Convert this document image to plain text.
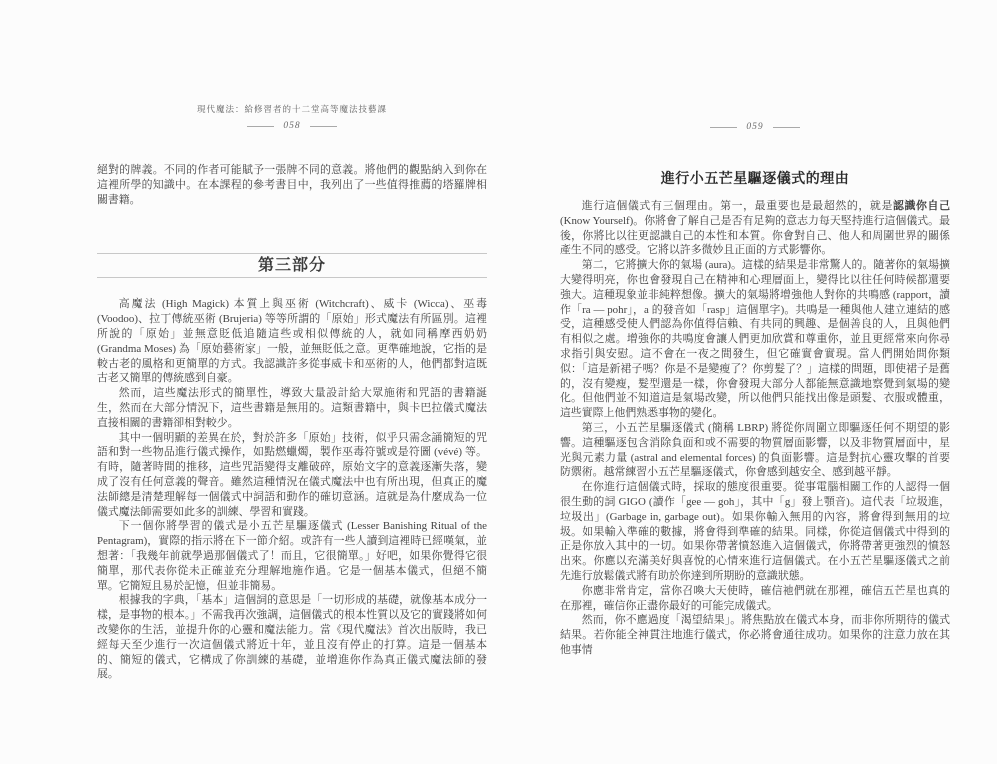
現代魔法：給修習者的十二堂高等魔法技藝課
058

絕對的牌義。不同的作者可能賦予一張牌不同的意義。將他們的觀點納入到你在這裡所學的知識中。在本課程的參考書目中，我列出了一些值得推薦的塔羅牌相關書籍。

第三部分

高魔法 (High Magick) 本質上與巫術 (Witchcraft)、威卡 (Wicca)、巫毒 (Voodoo)、拉丁傳統巫術 (Brujeria) 等等所謂的「原始」形式魔法有所區別。這裡所說的「原始」並無意貶低追隨這些或相似傳統的人，就如同稱摩西奶奶 (Grandma Moses) 為「原始藝術家」一般，並無貶低之意。更準確地說，它指的是較古老的風格和更簡單的方式。我認識許多從事威卡和巫術的人，他們都對這既古老又簡單的傳統感到自豪。

然而，這些魔法形式的簡單性，導致大量設計給大眾施術和咒語的書籍誕生，然而在大部分情況下，這些書籍是無用的。這類書籍中，與卡巴拉儀式魔法直接相關的書籍卻相對較少。

其中一個明顯的差異在於，對於許多「原始」技術，似乎只需念誦簡短的咒語和對一些物品進行儀式操作，如點燃蠟燭，製作巫毒符號或是符圖 (vévé) 等。有時，隨著時間的推移，這些咒語變得支離破碎，原始文字的意義逐漸失落，變成了沒有任何意義的聲音。雖然這種情況在儀式魔法中也有所出現，但真正的魔法師總是清楚理解每一個儀式中詞語和動作的確切意涵。這就是為什麼成為一位儀式魔法師需要如此多的訓練、學習和實踐。

下一個你將學習的儀式是小五芒星驅逐儀式 (Lesser Banishing Ritual of the Pentagram)，實際的指示將在下一節介紹。或許有一些人讀到這裡時已經嘆氣，並想著：「我幾年前就學過那個儀式了！而且，它很簡單。」好吧，如果你覺得它很簡單，那代表你從未正確並充分理解地施作過。它是一個基本儀式，但絕不簡單。它簡短且易於記憶，但並非簡易。

根據我的字典，「基本」這個詞的意思是「一切形成的基礎，就像基本成分一樣，是事物的根本。」不需我再次強調，這個儀式的根本性質以及它的實踐將如何改變你的生活，並提升你的心靈和魔法能力。當《現代魔法》首次出版時，我已經每天至少進行一次這個儀式將近十年，並且沒有停止的打算。這是一個基本的、簡短的儀式，它構成了你訓練的基礎，並增進你作為真正儀式魔法師的發展。

059
進行小五芒星驅逐儀式的理由

進行這個儀式有三個理由。第一，最重要也是最超然的，就是認識你自己 (Know Yourself)。你將會了解自己是否有足夠的意志力每天堅持進行這個儀式。最後，你將比以往更認識自己的本性和本質。你會對自己、他人和周圍世界的關係產生不同的感受。它將以許多微妙且正面的方式影響你。

第二，它將擴大你的氣場 (aura)。這樣的結果是非常驚人的。隨著你的氣場擴大變得明亮，你也會發現自己在精神和心理層面上，變得比以往任何時候都還要強大。這種現象並非純粹想像。擴大的氣場將增強他人對你的共鳴感 (rapport，讀作「ra — pohr」，a 的發音如「rasp」這個單字)。共鳴是一種與他人建立連結的感受，這種感受使人們認為你值得信賴、有共同的興趣、是個善良的人，且與他們有相似之處。增強你的共鳴度會讓人們更加欣賞和尊重你，並且更經常來向你尋求指引與安慰。這不會在一夜之間發生，但它確實會實現。當人們開始問你類似：「這是新裙子嗎？你是不是變瘦了？你剪髮了？」這樣的問題，即使裙子是舊的，沒有變瘦，髮型還是一樣，你會發現大部分人都能無意識地察覺到氣場的變化。但他們並不知道這是氣場改變，所以他們只能找出像是頭髮、衣服或體重，這些實際上他們熟悉事物的變化。

第三，小五芒星驅逐儀式 (簡稱 LBRP) 將從你周圍立即驅逐任何不期望的影響。這種驅逐包含消除負面和或不需要的物質層面影響，以及非物質層面中，星光與元素力量 (astral and elemental forces) 的負面影響。這是對抗心靈攻擊的首要防禦術。越常練習小五芒星驅逐儀式，你會感到越安全、感到越平靜。

在你進行這個儀式時，採取的態度很重要。從事電腦相關工作的人認得一個很生動的詞 GIGO (讀作「gee — goh」，其中「g」發上顎音)。這代表「垃圾進，垃圾出」(Garbage in, garbage out)。如果你輸入無用的內容，將會得到無用的垃圾。如果輸入準確的數據，將會得到準確的結果。同樣，你從這個儀式中得到的正是你放入其中的一切。如果你帶著憤怒進入這個儀式，你將帶著更強烈的憤怒出來。你應以充滿美好與喜悅的心情來進行這個儀式。在小五芒星驅逐儀式之前先進行放鬆儀式將有助於你達到所期盼的意識狀態。

你應非常肯定，當你召喚大天使時，確信祂們就在那裡，確信五芒星也真的在那裡，確信你正盡你最好的可能完成儀式。

然而，你不應過度「渴望結果」。將焦點放在儀式本身，而非你所期待的儀式結果。若你能全神貫注地進行儀式，你必將會通往成功。如果你的注意力放在其他事情
